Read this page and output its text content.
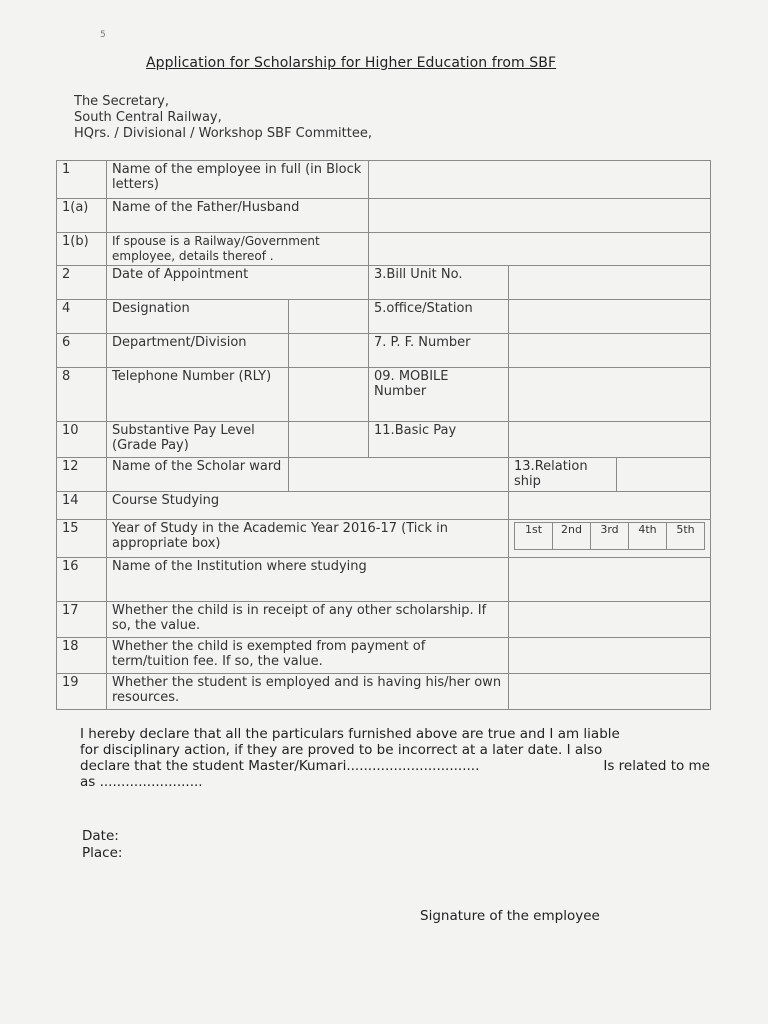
5
Application for Scholarship for Higher Education from SBF
The Secretary,
South Central Railway,
HQrs. / Divisional / Workshop SBF Committee,
1	Name of the employee in full (in Block letters)				
1(a)	Name of the Father/Husband				
1(b)	If spouse is a Railway/Government employee, details thereof .				
2	Date of Appointment		3.Bill Unit No.		
4	Designation		5.office/Station		
6	Department/Division		7. P. F. Number		
8	Telephone Number (RLY)		09. MOBILE Number		
10	Substantive Pay Level (Grade Pay)		11.Basic Pay		
12	Name of the Scholar ward			13.Relation ship	
14	Course Studying				
15	Year of Study in the Academic Year 2016-17 (Tick in appropriate box)			1st 2nd 3rd 4th 5th	

16	Name of the Institution where studying				
17	Whether the child is in receipt of any other scholarship. If so, the value.				
18	Whether the child is exempted from payment of term/tuition fee. If so, the value.				
19	Whether the student is employed and is having his/her own resources.				
I hereby declare that all the particulars furnished above are true and I am liable
for disciplinary action, if they are proved to be incorrect at a later date. I also
declare that the student Master/Kumari...............................	Is related to me
as ........................
Date:
Place:
Signature of the employee
